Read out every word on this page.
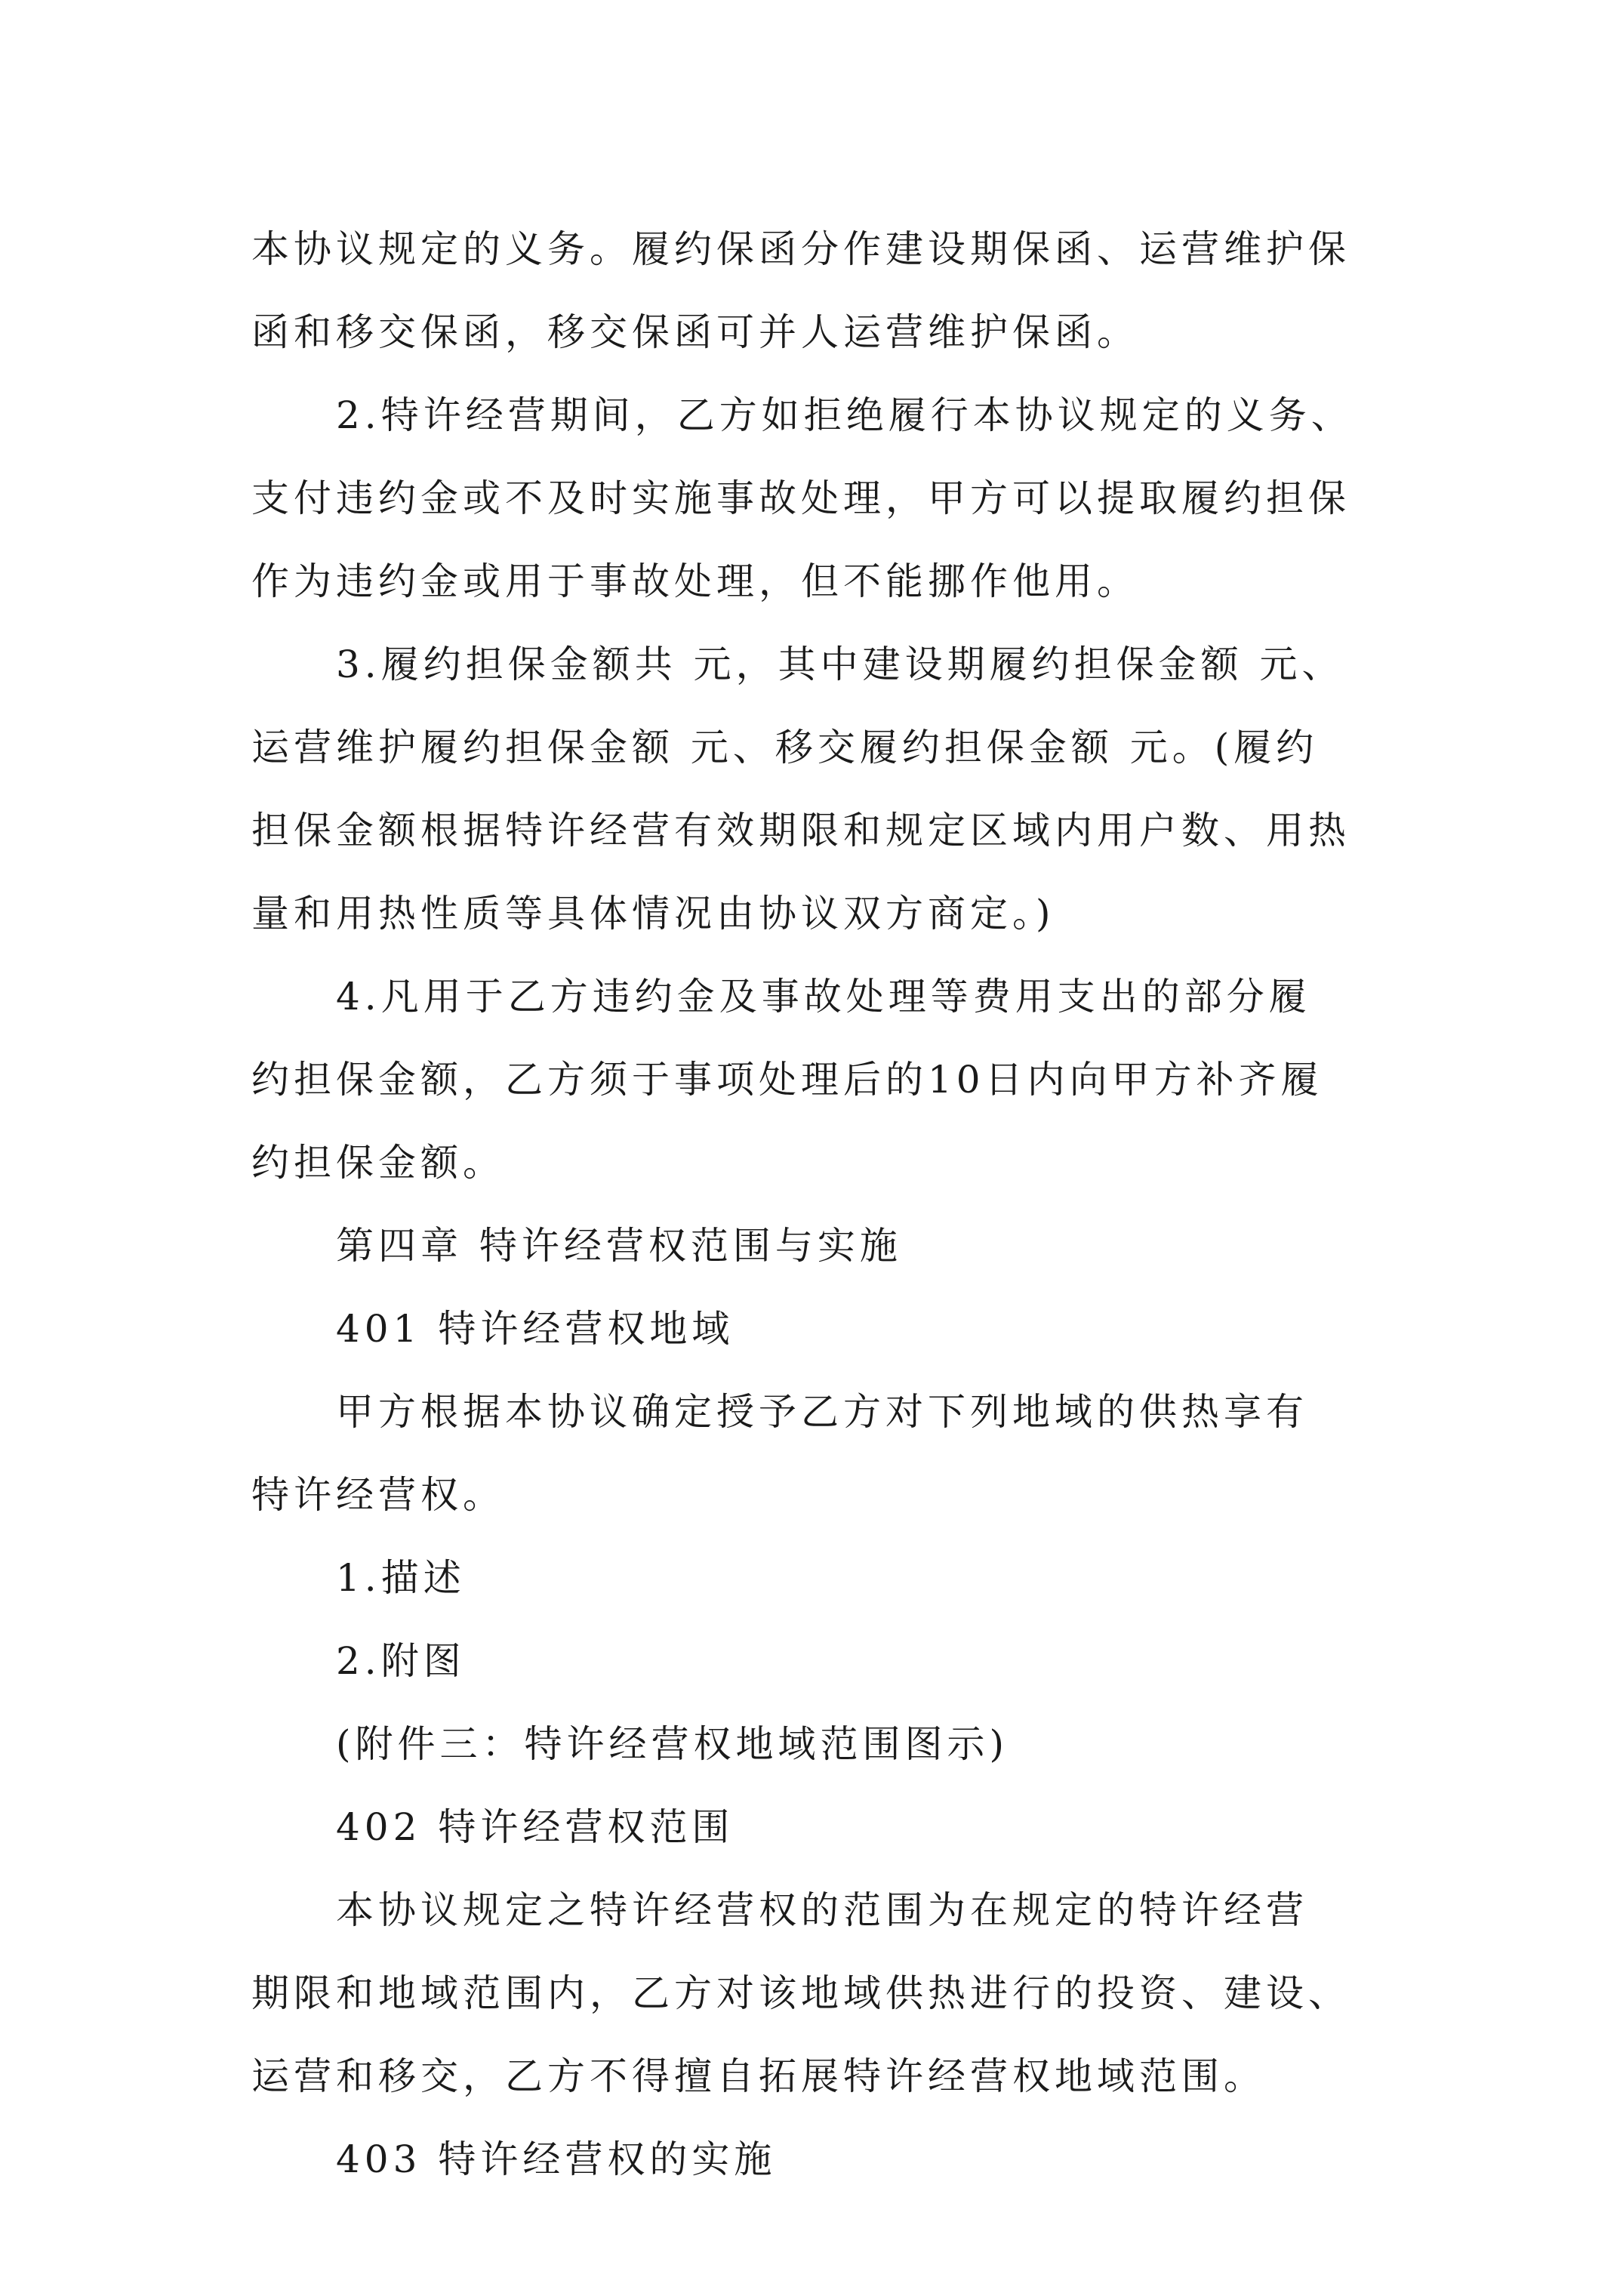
本协议规定的义务。履约保函分作建设期保函、运营维护保
函和移交保函，移交保函可并人运营维护保函。
2.特许经营期间，乙方如拒绝履行本协议规定的义务、
支付违约金或不及时实施事故处理，甲方可以提取履约担保
作为违约金或用于事故处理，但不能挪作他用。
3.履约担保金额共 元，其中建设期履约担保金额 元、
运营维护履约担保金额 元、移交履约担保金额 元。(履约
担保金额根据特许经营有效期限和规定区域内用户数、用热
量和用热性质等具体情况由协议双方商定。)
4.凡用于乙方违约金及事故处理等费用支出的部分履
约担保金额，乙方须于事项处理后的10日内向甲方补齐履
约担保金额。
第四章 特许经营权范围与实施
401 特许经营权地域
甲方根据本协议确定授予乙方对下列地域的供热享有
特许经营权。
1.描述
2.附图
(附件三：特许经营权地域范围图示)
402 特许经营权范围
本协议规定之特许经营权的范围为在规定的特许经营
期限和地域范围内，乙方对该地域供热进行的投资、建设、
运营和移交，乙方不得擅自拓展特许经营权地域范围。
403 特许经营权的实施
